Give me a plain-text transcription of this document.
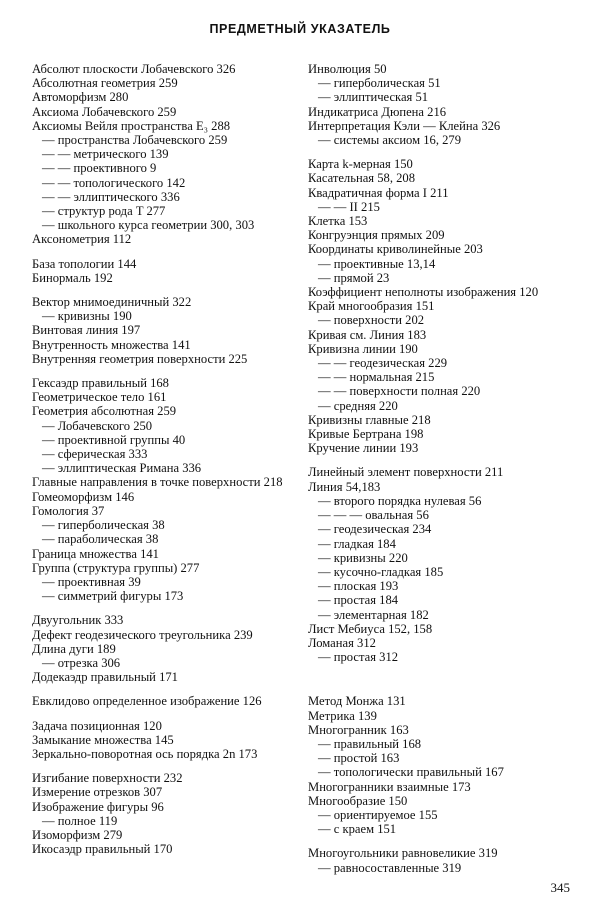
ПРЕДМЕТНЫЙ УКАЗАТЕЛЬ
Абсолют плоскости Лобачевского 326
Абсолютная геометрия 259
Автоморфизм 280
Аксиома Лобачевского 259
Аксиомы Вейля пространства E₃ 288
— пространства Лобачевского 259
— — метрического 139
— — проективного 9
— — топологического 142
— — эллиптического 336
— структур рода T 277
— школьного курса геометрии 300, 303
Аксонометрия 112
База топологии 144
Бинормаль 192
Вектор мнимоединичный 322
— кривизны 190
Винтовая линия 197
Внутренность множества 141
Внутренняя геометрия поверхности 225
Гексаэдр правильный 168
Геометрическое тело 161
Геометрия абсолютная 259
— Лобачевского 250
— проективной группы 40
— сферическая 333
— эллиптическая Римана 336
Главные направления в точке поверхности 218
Гомеоморфизм 146
Гомология 37
— гиперболическая 38
— параболическая 38
Граница множества 141
Группа (структура группы) 277
— проективная 39
— симметрий фигуры 173
Двуугольник 333
Дефект геодезического треугольника 239
Длина дуги 189
— отрезка 306
Додекаэдр правильный 171
Евклидово определенное изображение 126
Задача позиционная 120
Замыкание множества 145
Зеркально-поворотная ось порядка 2n 173
Изгибание поверхности 232
Измерение отрезков 307
Изображение фигуры 96
— полное 119
Изоморфизм 279
Икосаэдр правильный 170
Инволюция 50
— гиперболическая 51
— эллиптическая 51
Индикатриса Дюпена 216
Интерпретация Кэли — Клейна 326
— системы аксиом 16, 279
Карта k-мерная 150
Касательная 58, 208
Квадратичная форма I 211
— — II 215
Клетка 153
Конгруэнция прямых 209
Координаты криволинейные 203
— проективные 13,14
— прямой 23
Коэффициент неполноты изображения 120
Край многообразия 151
— поверхности 202
Кривая см. Линия 183
Кривизна линии 190
— — геодезическая 229
— — нормальная 215
— — поверхности полная 220
— средняя 220
Кривизны главные 218
Кривые Бертрана 198
Кручение линии 193
Линейный элемент поверхности 211
Линия 54,183
— второго порядка нулевая 56
— — — овальная 56
— геодезическая 234
— гладкая 184
— кривизны 220
— кусочно-гладкая 185
— плоская 193
— простая 184
— элементарная 182
Лист Мебиуса 152, 158
Ломаная 312
— простая 312
Метод Монжа 131
Метрика 139
Многогранник 163
— правильный 168
— простой 163
— топологически правильный 167
Многогранники взаимные 173
Многообразие 150
— ориентируемое 155
— с краем 151
Многоугольники равновеликие 319
— равносоставленные 319
345
